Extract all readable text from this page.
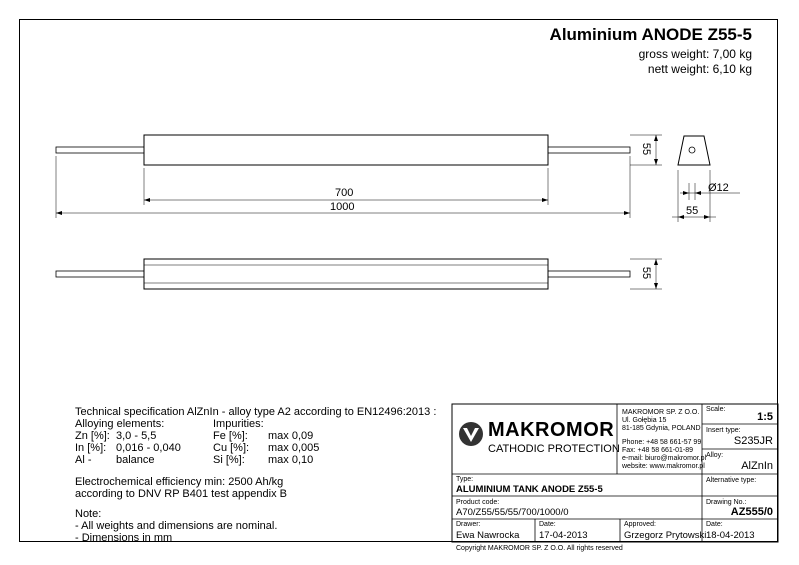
Aluminium ANODE Z55-5
gross weight: 7,00 kg
nett weight: 6,10 kg
700
1000
55
55
Ø12
55
Technical specification AlZnIn - alloy type A2 according to EN12496:2013 :
Alloying elements:	Impurities:
Zn [%]: 3,0 - 5,5
In [%]: 0,016 - 0,040
Al - balance
Fe [%]: max 0,09
Cu [%]: max 0,005
Si [%]: max 0,10
Electrochemical efficiency min: 2500 Ah/kg
according to DNV RP B401 test appendix B
Note:
- All weights and dimensions are nominal.
- Dimensions in mm
MAKROMOR
CATHODIC PROTECTION
MAKROMOR SP. Z O.O.
Ul. Gołębia 15
81-185 Gdynia, POLAND
Phone: +48 58 661-57 99
Fax: +48 58 661-01-89
e-mail: biuro@makromor.pl
website: www.makromor.pl
Scale:
1:5
Insert type:
S235JR
Alloy:
AlZnIn
Alternative type:
Type:
ALUMINIUM TANK ANODE Z55-5
Product code:
A70/Z55/55/55/700/1000/0
Drawing No.:
AZ555/0
Drawer:
Ewa Nawrocka
Date:
17-04-2013
Approved:
Grzegorz Prytowski
Date:
18-04-2013
Copyright MAKROMOR SP. Z O.O. All rights reserved
